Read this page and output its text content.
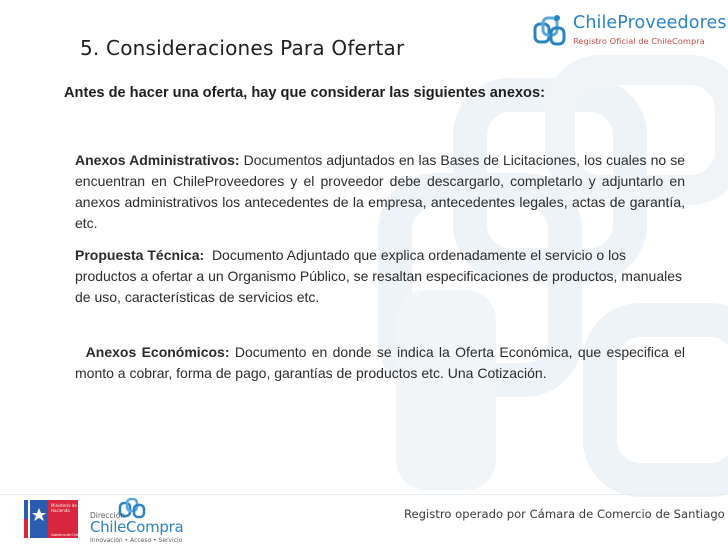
5. Consideraciones Para Ofertar
ChileProveedores
Registro Oficial de ChileCompra
Antes de hacer una oferta, hay que considerar las siguientes anexos:
Anexos Administrativos: Documentos adjuntados en las Bases de Licitaciones, los cuales no se encuentran en ChileProveedores y el proveedor debe descargarlo, completarlo y adjuntarlo en anexos administrativos los antecedentes de la empresa, antecedentes legales, actas de garantía, etc.
Propuesta Técnica: Documento Adjuntado que explica ordenadamente el servicio o los productos a ofertar a un Organismo Público, se resaltan especificaciones de productos, manuales de uso, características de servicios etc.
Anexos Económicos: Documento en donde se indica la Oferta Económica, que especifica el monto a cobrar, forma de pago, garantías de productos etc. Una Cotización.
Ministerio de
Hacienda
Gobierno de Chile
Dirección
ChileCompra
Innovación • Acceso • Servicio
Registro operado por Cámara de Comercio de Santiago
